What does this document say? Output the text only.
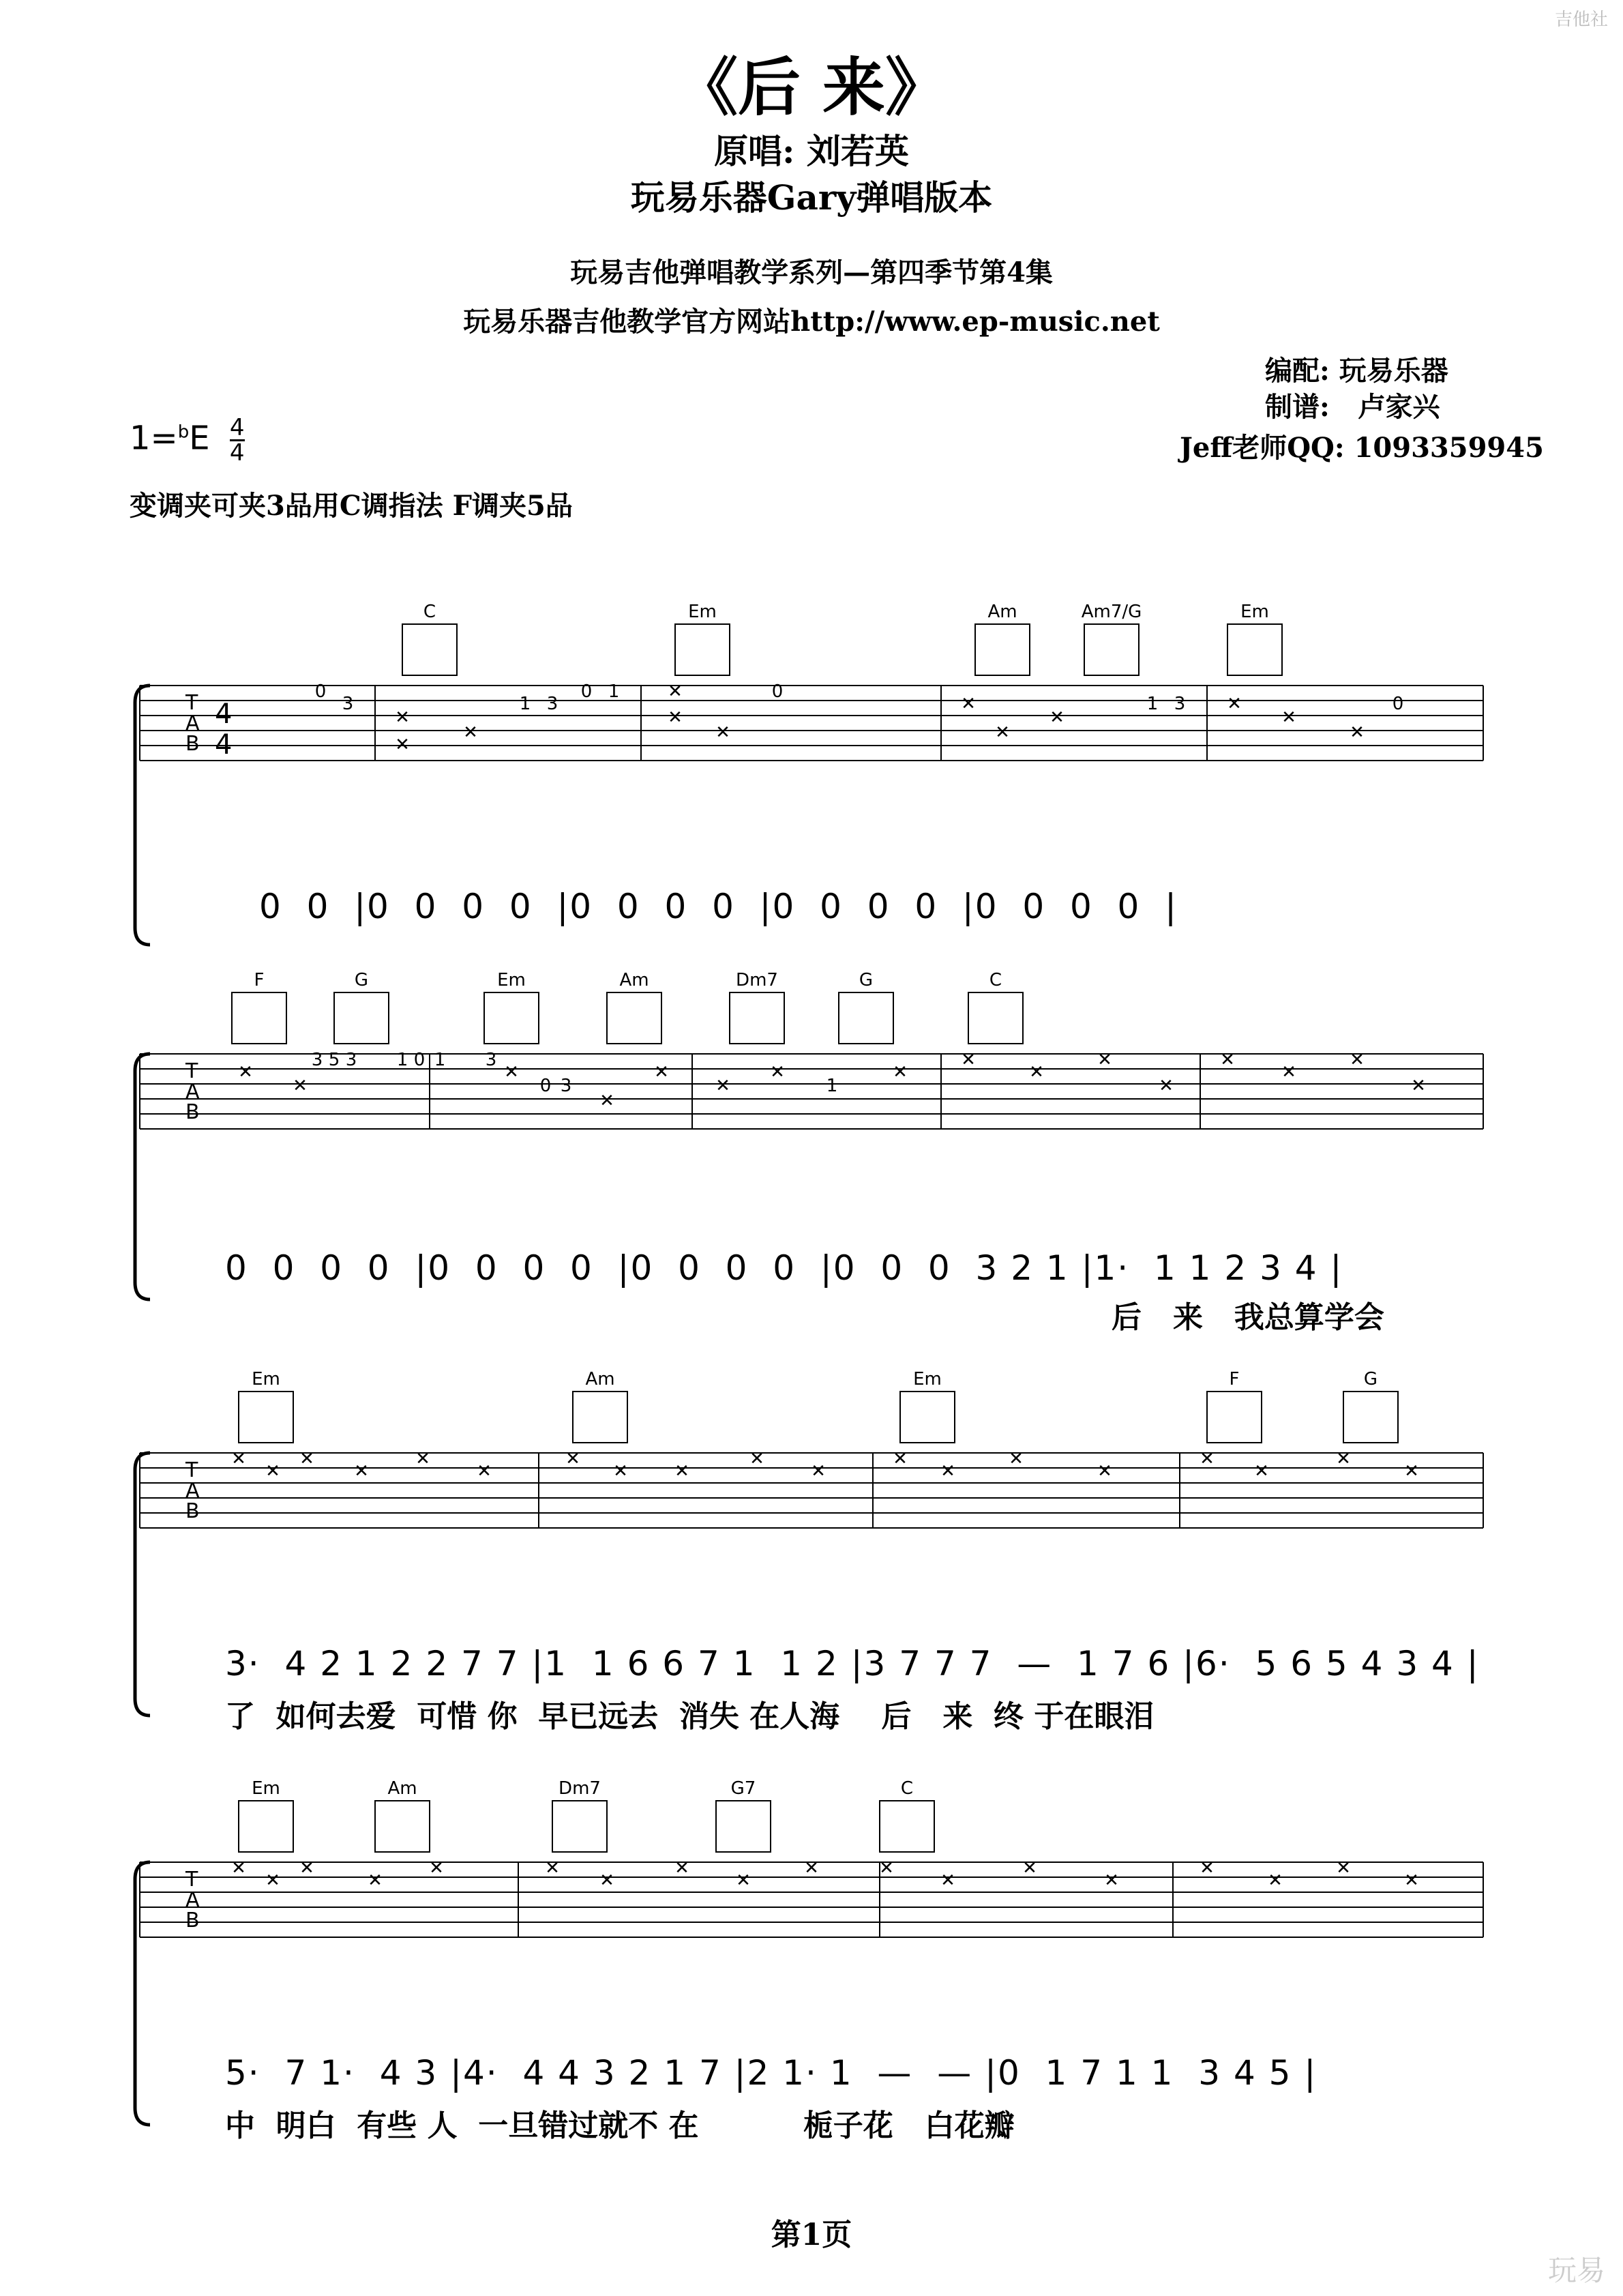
吉他社
《后 来》
原唱: 刘若英
玩易乐器Gary弹唱版本
玩易吉他弹唱教学系列—第四季节第4集
玩易乐器吉他教学官方网站http://www.ep-music.net
编配: 玩易乐器
制谱:   卢家兴
Jeff老师QQ: 1093359945
$1=^bE \frac{4}{4}$
变调夹可夹3品用C调指法 F调夹5品
T
A
B
4
4
C	Em	Am	Am7/G	Em
0
3
✕
✕
✕
1 3
0 1	✕
✕
✕
0
✕
✕
✕
1 3 ✕
✕
✕
0
0  0  |0  0  0  0  |0  0  0  0  |0  0  0  0  |0  0  0  0  |
T
A
B
F	G	Em	Am	Dm7	G	C
✕
✕
3 5 3 1 0 1 3
✕
0 3
✕
✕
✕
✕
1
✕
✕
✕
✕
✕
✕
✕
✕
✕
0  0  0  0  |0  0  0  0  |0  0  0  0  |0  0  0  3 2 1 |1·  1 1 2 3 4 |
后   来   我总算学会
T
A
B
Em	Am	Em	F	G
✕
✕
✕
✕
✕
✕
✕
✕	✕
✕
✕
✕
✕
✕
✕
✕
✕
✕
✕
3·  4 2 1 2 2 7 7 |1  1 6 6 7 1  1 2 |3 7 7 7  —  1 7 6 |6·  5 6 5 4 3 4 |
了  如何去爱  可惜 你  早已远去  消失 在人海    后   来  终 于在眼泪
T
A
B
Em	Am	Dm7	G7	C
✕
✕
✕
✕
✕	✕
✕
✕
✕
✕	✕
✕
✕
✕
✕
✕
✕
✕
5·  7 1·  4 3 |4·  4 4 3 2 1 7 |2 1· 1  —  — |0  1 7 1 1  3 4 5 |
中  明白  有些 人  一旦错过就不 在          栀子花   白花瓣
第1页
玩易
